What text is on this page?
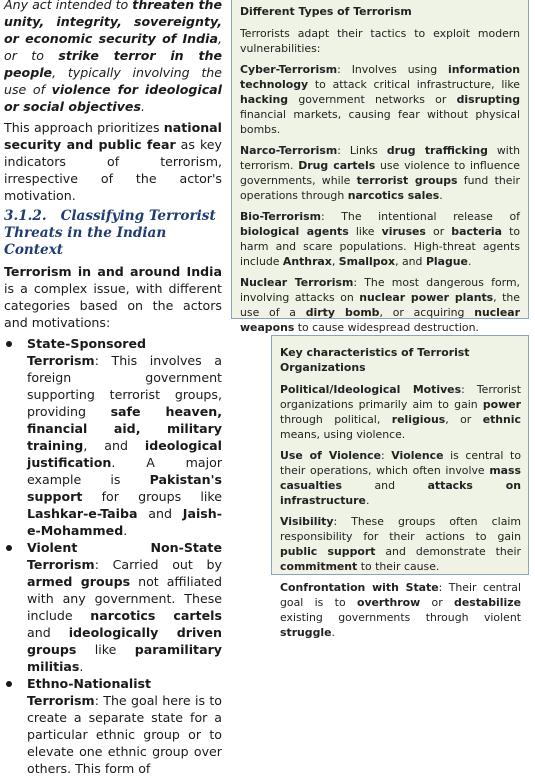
Any act intended to threaten the unity, integrity, sovereignty, or economic security of India, or to strike terror in the people, typically involving the use of violence for ideological or social objectives.

This approach prioritizes national security and public fear as key indicators of terrorism, irrespective of the actor's motivation.

3.1.2. Classifying Terrorist Threats in the Indian Context

Terrorism in and around India is a complex issue, with different categories based on the actors and motivations:

State-Sponsored Terrorism: This involves a foreign government supporting terrorist groups, providing safe heaven, financial aid, military training, and ideological justification. A major example is Pakistan's support for groups like Lashkar-e-Taiba and Jaish-e-Mohammed.
Violent Non-State Terrorism: Carried out by armed groups not affiliated with any government. These include narcotics cartels and ideologically driven groups like paramilitary militias.
Ethno-Nationalist Terrorism: The goal here is to create a separate state for a particular ethnic group or to elevate one ethnic group over others. This form of
Different Types of Terrorism

Terrorists adapt their tactics to exploit modern vulnerabilities:

Cyber-Terrorism: Involves using information technology to attack critical infrastructure, like hacking government networks or disrupting financial markets, causing fear without physical bombs.

Narco-Terrorism: Links drug trafficking with terrorism. Drug cartels use violence to influence governments, while terrorist groups fund their operations through narcotics sales.

Bio-Terrorism: The intentional release of biological agents like viruses or bacteria to harm and scare populations. High-threat agents include Anthrax, Smallpox, and Plague.

Nuclear Terrorism: The most dangerous form, involving attacks on nuclear power plants, the use of a dirty bomb, or acquiring nuclear weapons to cause widespread destruction.

Key characteristics of Terrorist Organizations

Political/Ideological Motives: Terrorist organizations primarily aim to gain power through political, religious, or ethnic means, using violence.

Use of Violence: Violence is central to their operations, which often involve mass casualties and attacks on infrastructure.

Visibility: These groups often claim responsibility for their actions to gain public support and demonstrate their commitment to their cause.

Confrontation with State: Their central goal is to overthrow or destabilize existing governments through violent struggle.
